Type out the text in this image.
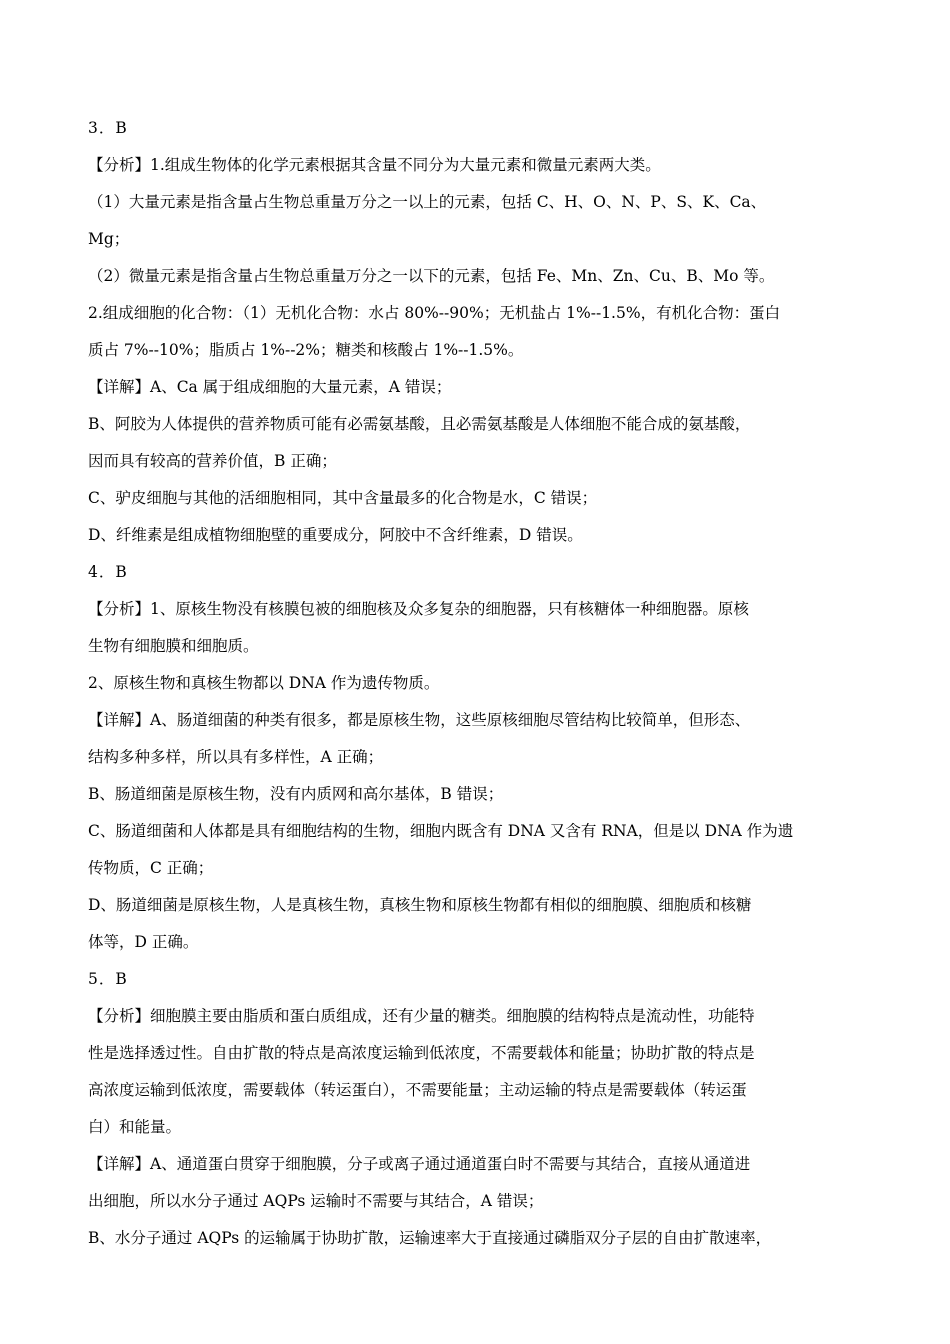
3．B
【分析】1.组成生物体的化学元素根据其含量不同分为大量元素和微量元素两大类。
（1）大量元素是指含量占生物总重量万分之一以上的元素，包括 C、H、O、N、P、S、K、Ca、
Mg；
（2）微量元素是指含量占生物总重量万分之一以下的元素，包括 Fe、Mn、Zn、Cu、B、Mo 等。
2.组成细胞的化合物：（1）无机化合物：水占 80%--90%；无机盐占 1%--1.5%，有机化合物：蛋白
质占 7%--10%；脂质占 1%--2%；糖类和核酸占 1%--1.5%。
【详解】A、Ca 属于组成细胞的大量元素，A 错误；
B、阿胶为人体提供的营养物质可能有必需氨基酸，且必需氨基酸是人体细胞不能合成的氨基酸，
因而具有较高的营养价值，B 正确；
C、驴皮细胞与其他的活细胞相同，其中含量最多的化合物是水，C 错误；
D、纤维素是组成植物细胞壁的重要成分，阿胶中不含纤维素，D 错误。
4．B
【分析】1、原核生物没有核膜包被的细胞核及众多复杂的细胞器，只有核糖体一种细胞器。原核
生物有细胞膜和细胞质。
2、原核生物和真核生物都以 DNA 作为遗传物质。
【详解】A、肠道细菌的种类有很多，都是原核生物，这些原核细胞尽管结构比较简单，但形态、
结构多种多样，所以具有多样性，A 正确；
B、肠道细菌是原核生物，没有内质网和高尔基体，B 错误；
C、肠道细菌和人体都是具有细胞结构的生物，细胞内既含有 DNA 又含有 RNA，但是以 DNA 作为遗
传物质，C 正确；
D、肠道细菌是原核生物，人是真核生物，真核生物和原核生物都有相似的细胞膜、细胞质和核糖
体等，D 正确。
5．B
【分析】细胞膜主要由脂质和蛋白质组成，还有少量的糖类。细胞膜的结构特点是流动性，功能特
性是选择透过性。自由扩散的特点是高浓度运输到低浓度，不需要载体和能量；协助扩散的特点是
高浓度运输到低浓度，需要载体（转运蛋白），不需要能量；主动运输的特点是需要载体（转运蛋
白）和能量。
【详解】A、通道蛋白贯穿于细胞膜，分子或离子通过通道蛋白时不需要与其结合，直接从通道进
出细胞，所以水分子通过 AQPs 运输时不需要与其结合，A 错误；
B、水分子通过 AQPs 的运输属于协助扩散，运输速率大于直接通过磷脂双分子层的自由扩散速率，
